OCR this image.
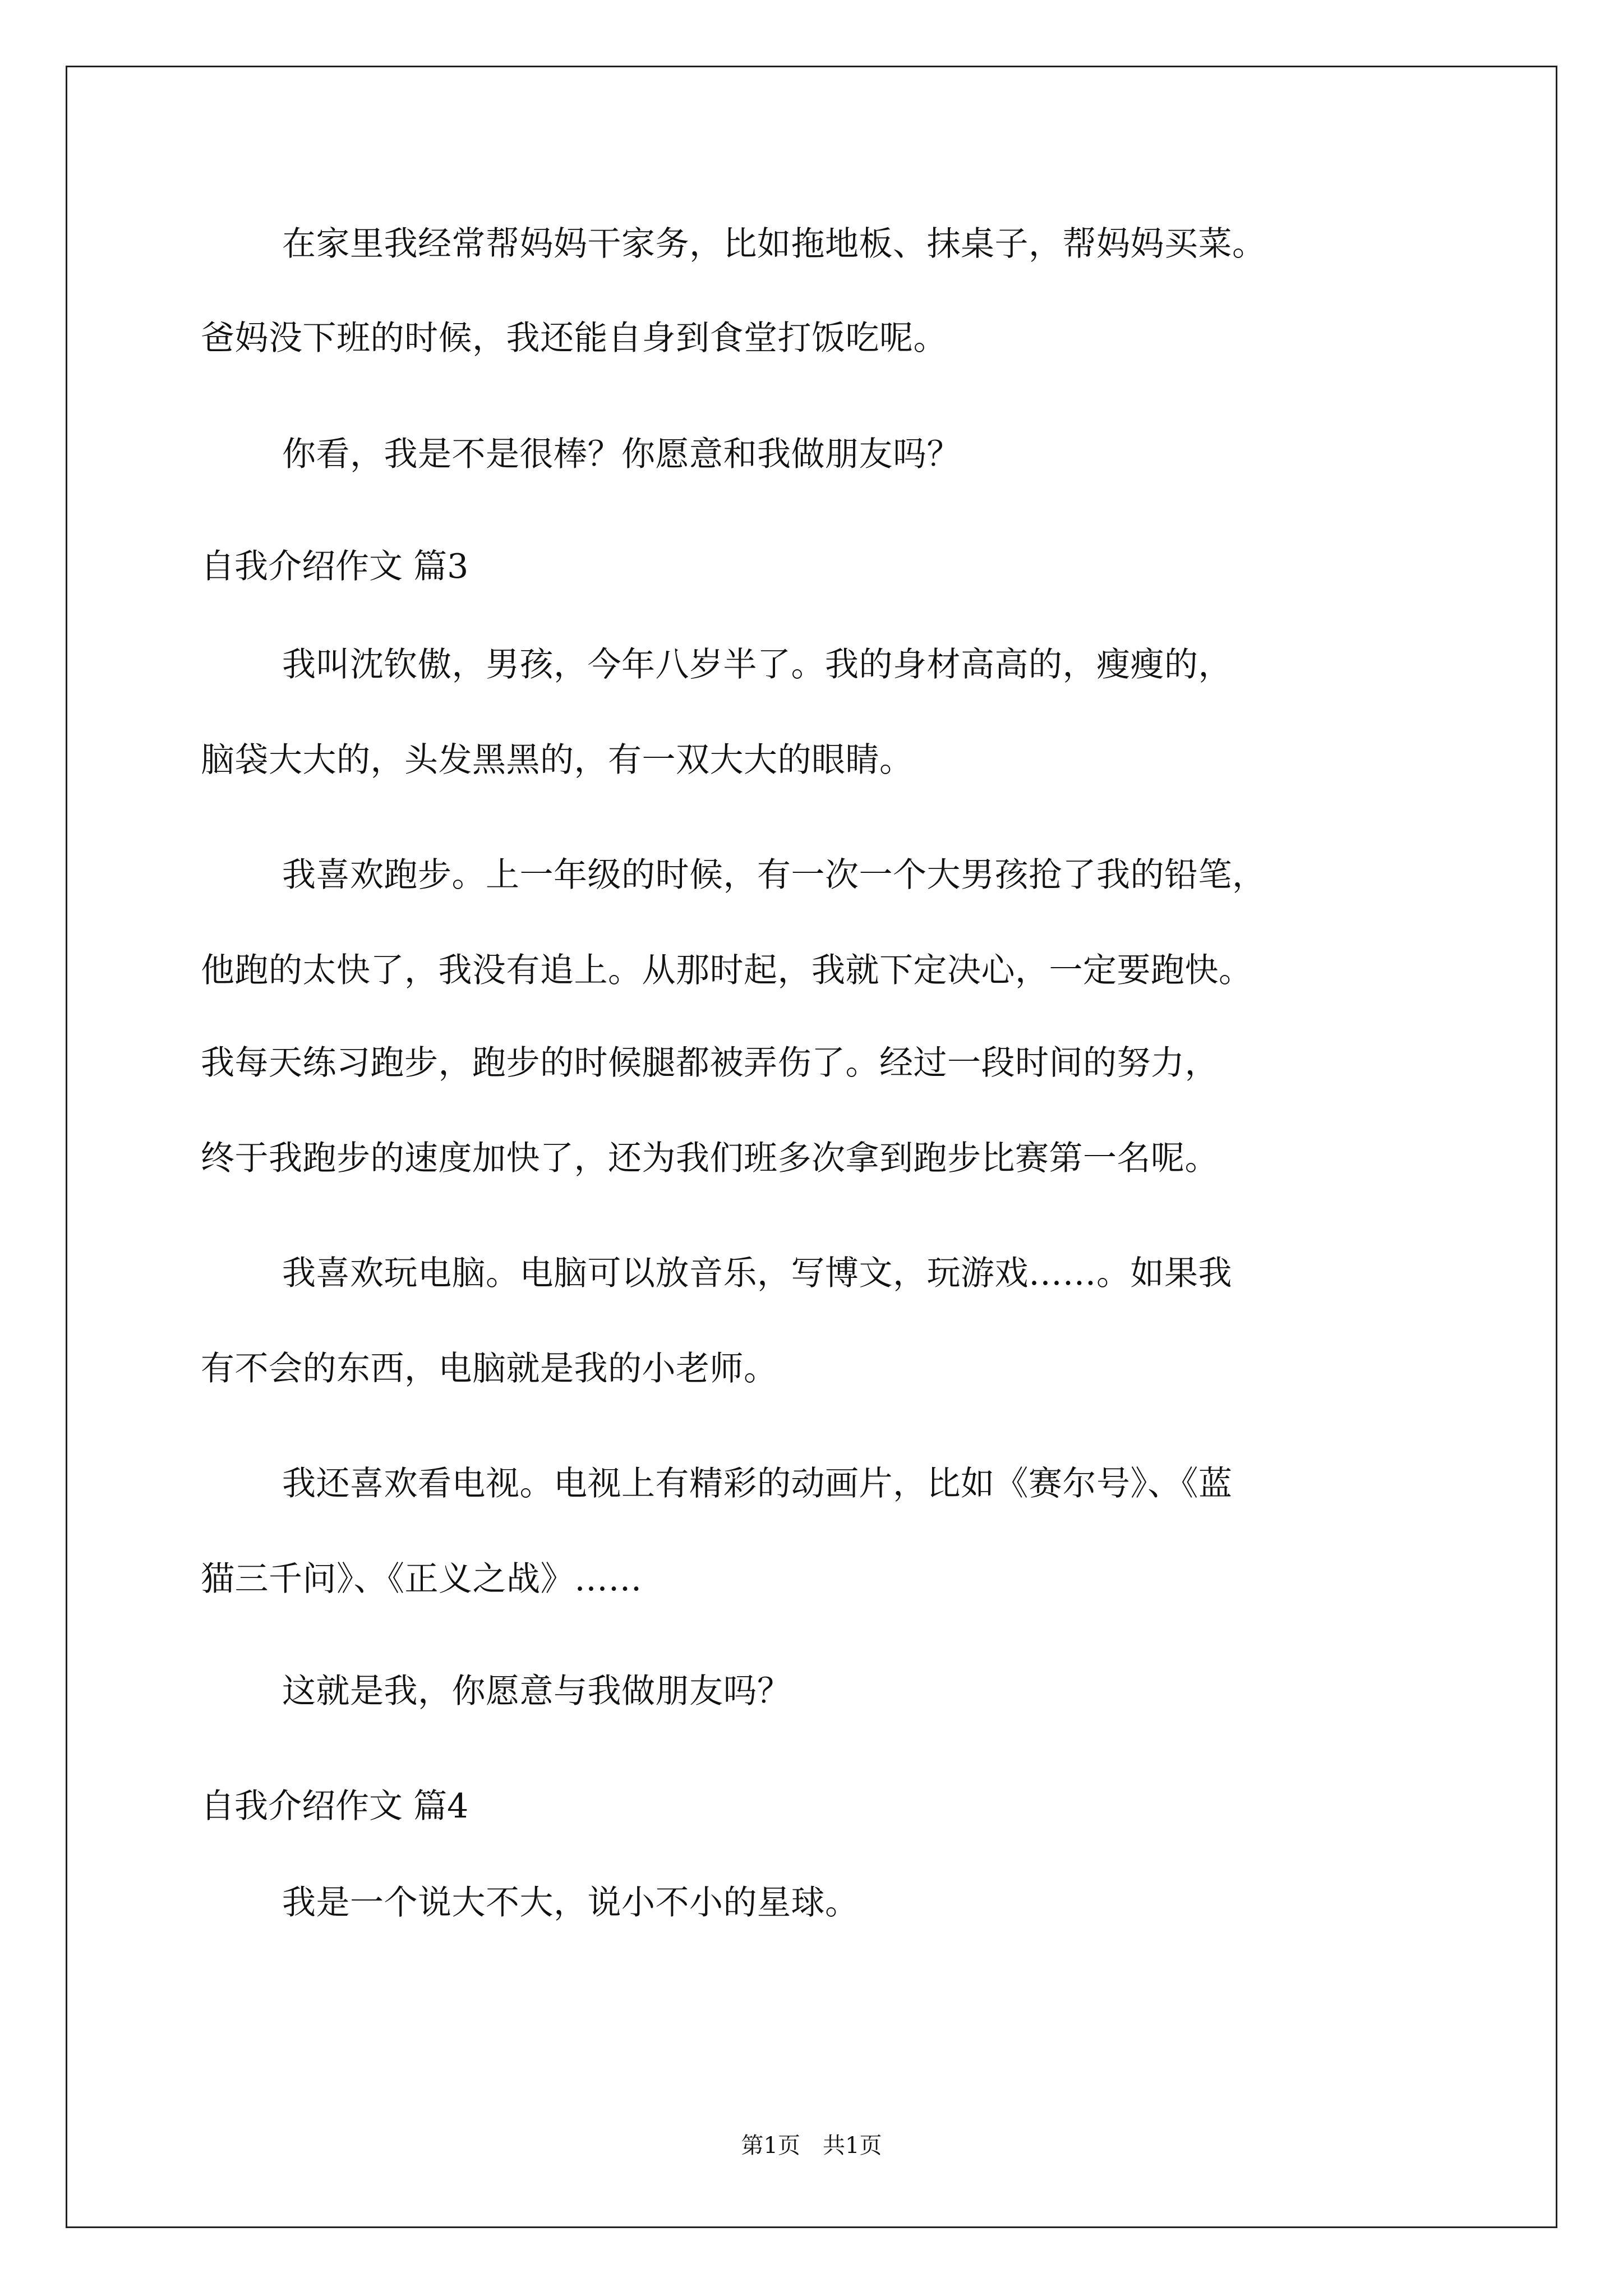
在家里我经常帮妈妈干家务，比如拖地板、抹桌子，帮妈妈买菜。
爸妈没下班的时候，我还能自身到食堂打饭吃呢。
你看，我是不是很棒？你愿意和我做朋友吗？
自我介绍作文 篇3
我叫沈钦傲，男孩，今年八岁半了。我的身材高高的，瘦瘦的，
脑袋大大的，头发黑黑的，有一双大大的眼睛。
我喜欢跑步。上一年级的时候，有一次一个大男孩抢了我的铅笔，
他跑的太快了，我没有追上。从那时起，我就下定决心，一定要跑快。
我每天练习跑步，跑步的时候腿都被弄伤了。经过一段时间的努力，
终于我跑步的速度加快了，还为我们班多次拿到跑步比赛第一名呢。
我喜欢玩电脑。电脑可以放音乐，写博文，玩游戏……。如果我
有不会的东西，电脑就是我的小老师。
我还喜欢看电视。电视上有精彩的动画片，比如《赛尔号》、《蓝
猫三千问》、《正义之战》……
这就是我，你愿意与我做朋友吗？
自我介绍作文 篇4
我是一个说大不大，说小不小的星球。
第1页　共1页
